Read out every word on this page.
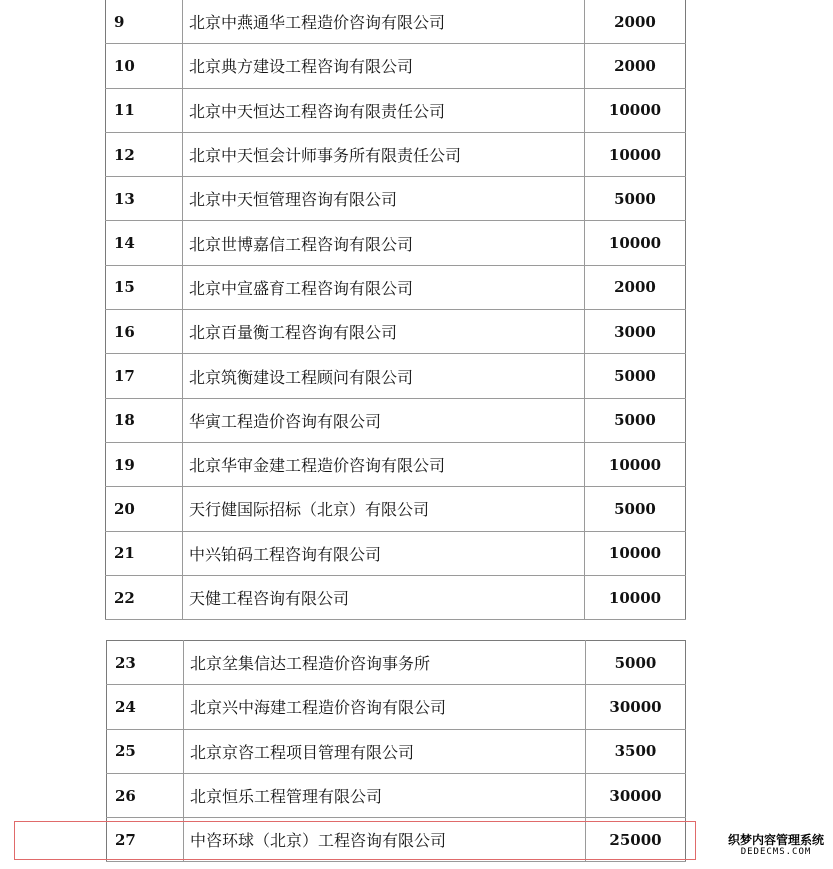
9	北京中燕通华工程造价咨询有限公司	2000
10	北京典方建设工程咨询有限公司	2000
11	北京中天恒达工程咨询有限责任公司	10000
12	北京中天恒会计师事务所有限责任公司	10000
13	北京中天恒管理咨询有限公司	5000
14	北京世博嘉信工程咨询有限公司	10000
15	北京中宣盛育工程咨询有限公司	2000
16	北京百量衡工程咨询有限公司	3000
17	北京筑衡建设工程顾问有限公司	5000
18	华寅工程造价咨询有限公司	5000
19	北京华审金建工程造价咨询有限公司	10000
20	天行健国际招标（北京）有限公司	5000
21	中兴铂码工程咨询有限公司	10000
22	天健工程咨询有限公司	10000
23	北京坌集信达工程造价咨询事务所	5000
24	北京兴中海建工程造价咨询有限公司	30000
25	北京京咨工程项目管理有限公司	3500
26	北京恒乐工程管理有限公司	30000
27	中咨环球（北京）工程咨询有限公司	25000	织梦内容管理系统
DEDECMS.COM
